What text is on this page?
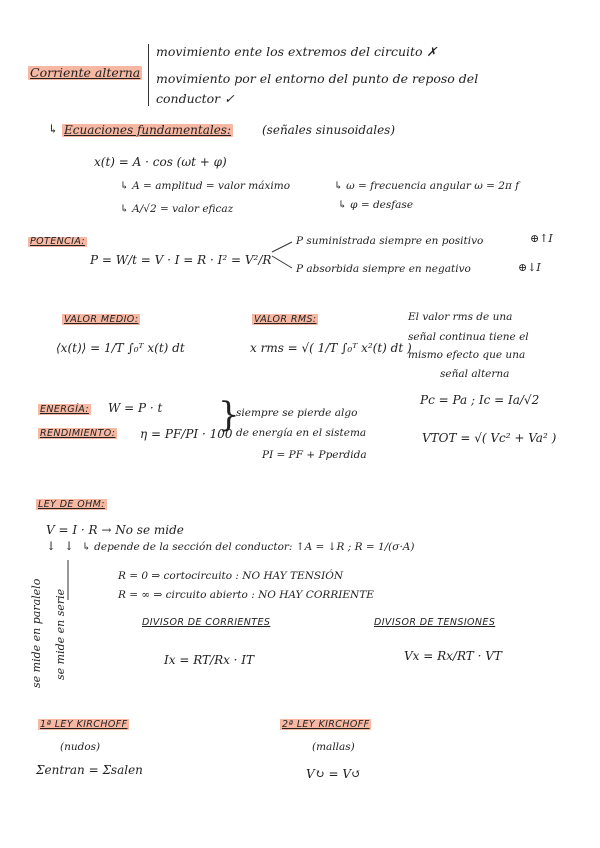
Corriente alterna
movimiento ente los extremos del circuito ✗
movimiento por el entorno del punto de reposo del
conductor ✓
↳ Ecuaciones fundamentales:	(señales sinusoidales)
x(t) = A · cos (ωt + φ)
↳ A = amplitud = valor máximo	↳ ω = frecuencia angular ω = 2π f
↳ A/√2 = valor eficaz	↳ φ = desfase
POTENCIA:
P = W/t = V · I = R · I² = V²/R
P suministrada siempre en positivo
P absorbida siempre en negativo
⊕↑I
⊕↓I
VALOR MEDIO:
⟨x(t)⟩ = 1/T ∫₀ᵀ x(t) dt
VALOR RMS:
x rms = √( 1/T ∫₀ᵀ x²(t) dt )
El valor rms de una
señal continua tiene el
mismo efecto que una
señal alterna
Pc = Pa ; Ic = Ia/√2
VTOT = √( Vc² + Va² )
ENERGÍA: W = P · t
RENDIMIENTO: η = PF/PI · 100
}
siempre se pierde algo
de energía en el sistema
PI = PF + Pperdida
LEY DE OHM:
V = I · R → No se mide
↳ depende de la sección del conductor: ↑A = ↓R ; R = 1/(σ·A)
R = 0 ⇒ cortocircuito : NO HAY TENSIÓN
R = ∞ ⇒ circuito abierto : NO HAY CORRIENTE
↓ ↓
se mide en paralelo se mide en serie	DIVISOR DE CORRIENTES
Ix = RT/Rx · IT
DIVISOR DE TENSIONES
Vx = Rx/RT · VT
1ª LEY KIRCHOFF
(nudos)
Σentran = Σsalen
2ª LEY KIRCHOFF
(mallas)
V↻ = V↺
